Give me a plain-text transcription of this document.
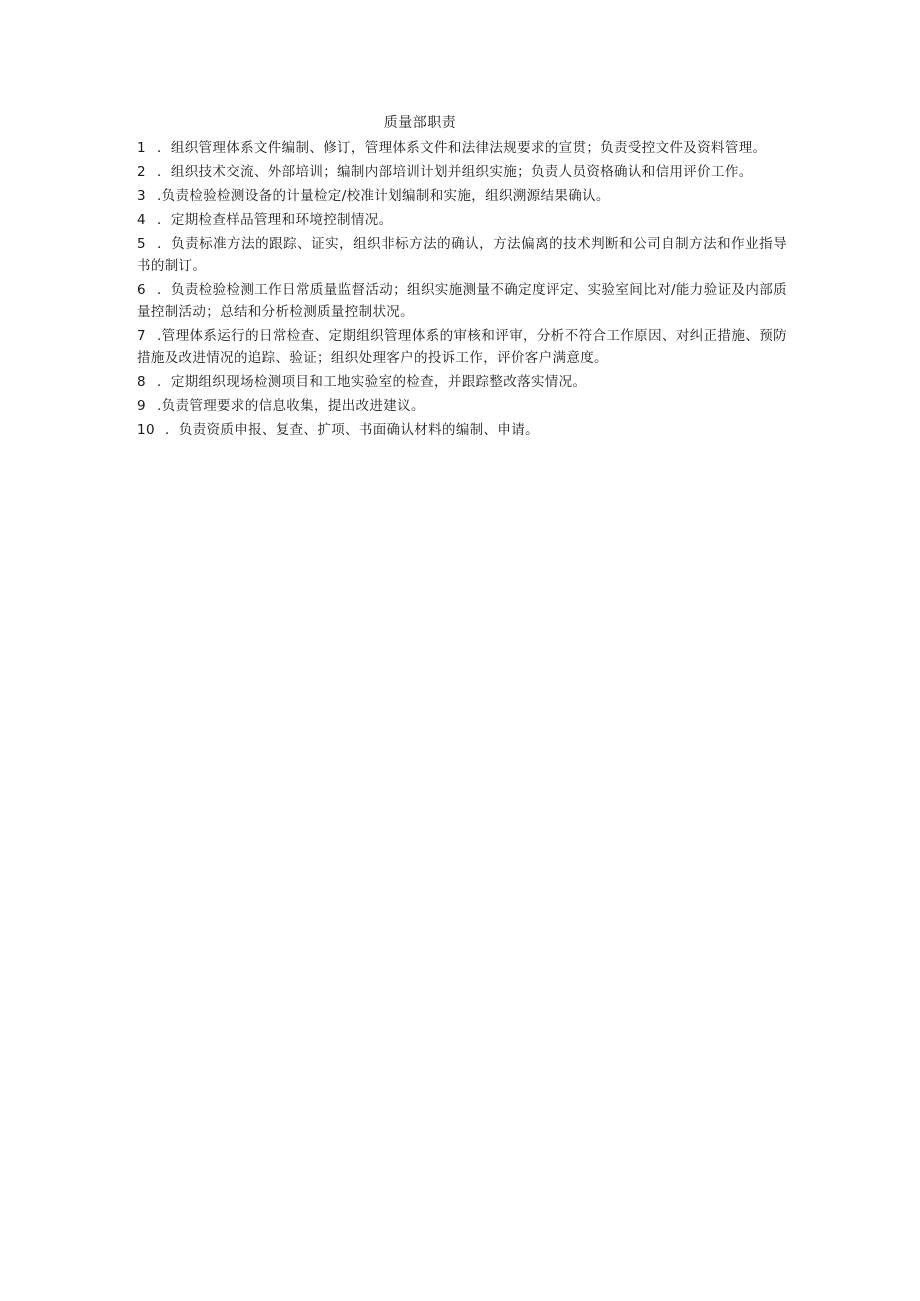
质量部职责
1 ．组织管理体系文件编制、修订，管理体系文件和法律法规要求的宣贯；负责受控文件及资料管理。
2 ．组织技术交流、外部培训；编制内部培训计划并组织实施；负责人员资格确认和信用评价工作。
3 .负责检验检测设备的计量检定/校准计划编制和实施，组织溯源结果确认。
4 ．定期检查样品管理和环境控制情况。
5 ．负责标准方法的跟踪、证实，组织非标方法的确认，方法偏离的技术判断和公司自制方法和作业指导书的制订。
6 ．负责检验检测工作日常质量监督活动；组织实施测量不确定度评定、实验室间比对/能力验证及内部质量控制活动；总结和分析检测质量控制状况。
7 .管理体系运行的日常检查、定期组织管理体系的审核和评审，分析不符合工作原因、对纠正措施、预防措施及改进情况的追踪、验证；组织处理客户的投诉工作，评价客户满意度。
8 ．定期组织现场检测项目和工地实验室的检查，并跟踪整改落实情况。
9 .负责管理要求的信息收集，提出改进建议。
10 ．负责资质申报、复查、扩项、书面确认材料的编制、申请。
